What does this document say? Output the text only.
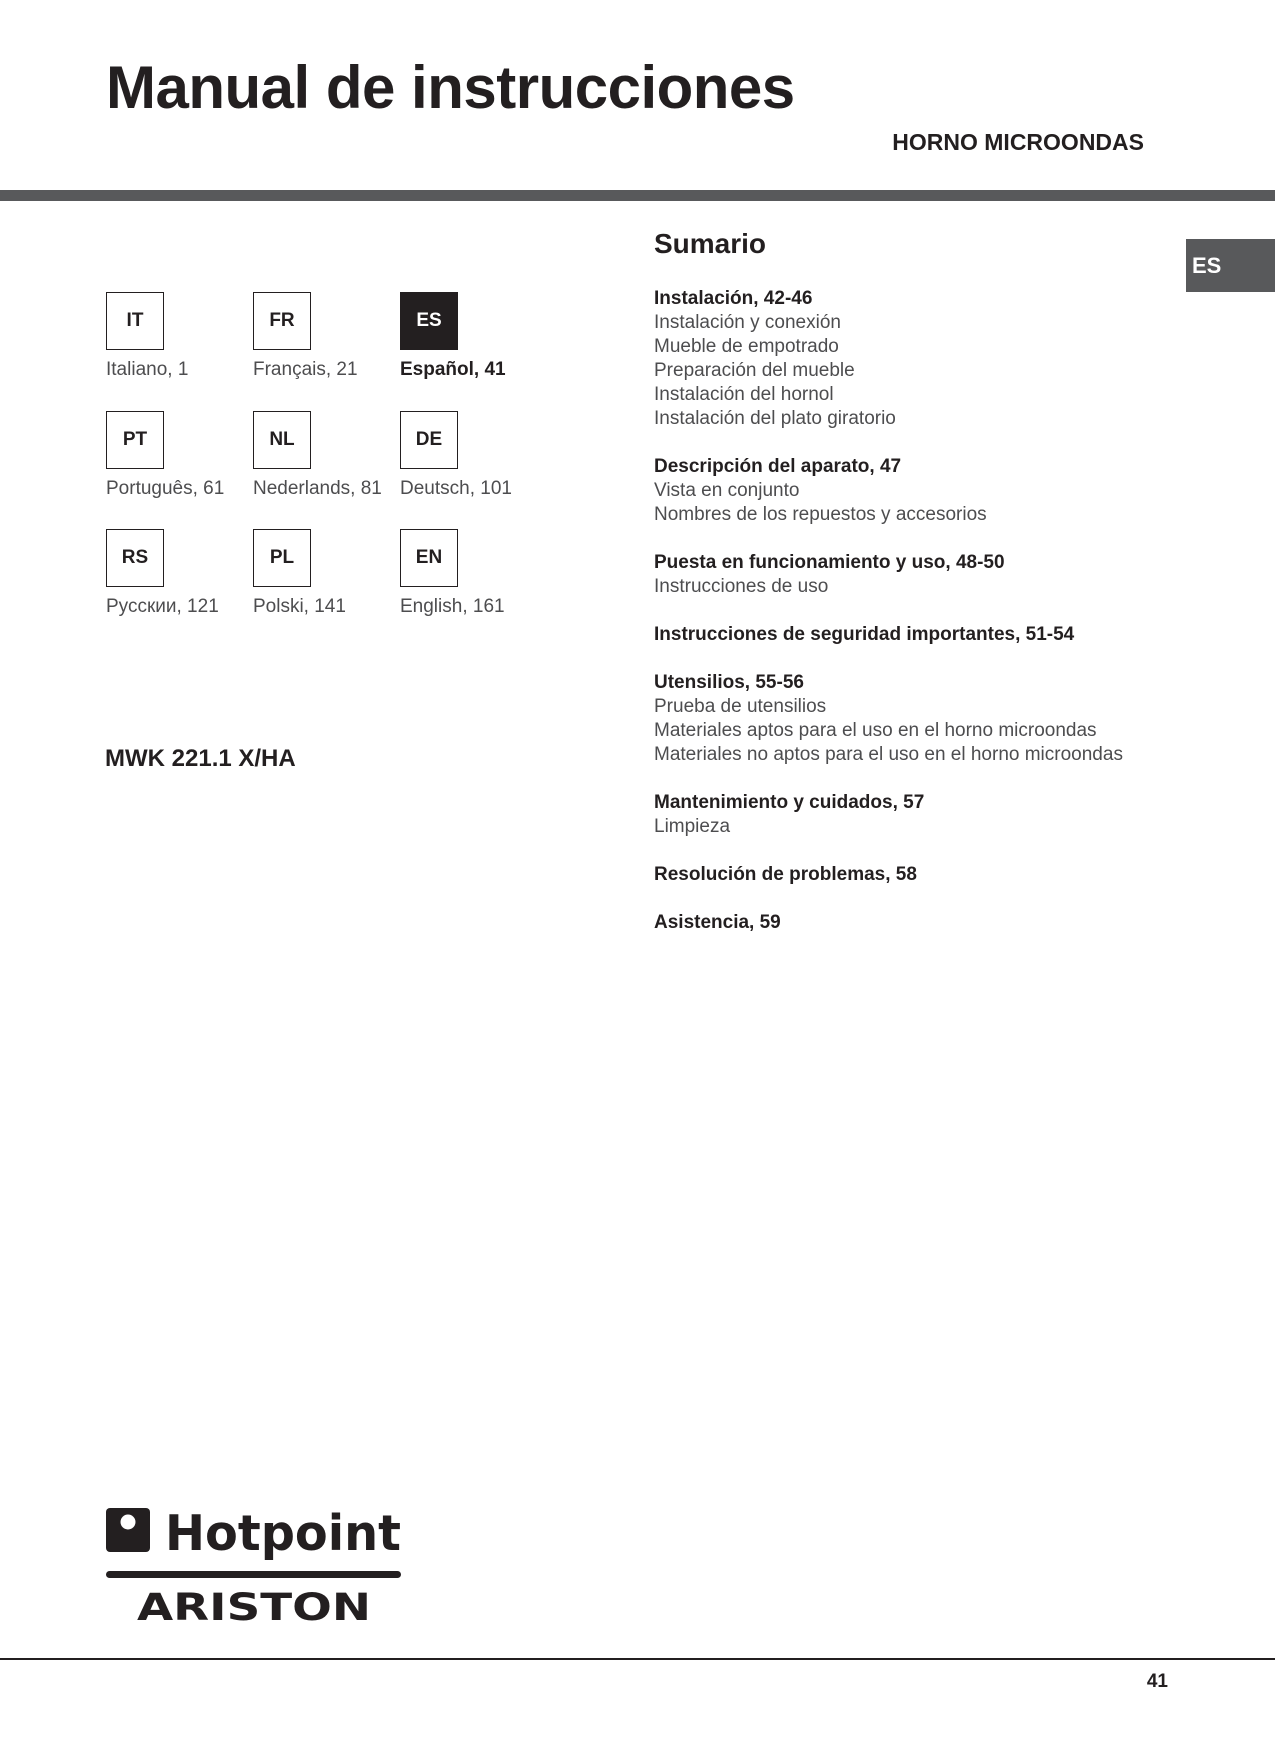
Manual de instrucciones
HORNO MICROONDAS
IT
Italiano, 1
FR
Français, 21
ES
Español, 41
PT
Português, 61
NL
Nederlands, 81
DE
Deutsch, 101
RS
Русскии, 121
PL
Polski, 141
EN
English, 161
MWK 221.1 X/HA
Sumario
Instalación, 42-46
Instalación y conexión
Mueble de empotrado
Preparación del mueble
Instalación del hornol
Instalación del plato giratorio
Descripción del aparato, 47
Vista en conjunto
Nombres de los repuestos y accesorios
Puesta en funcionamiento y uso, 48-50
Instrucciones de uso
Instrucciones de seguridad importantes, 51-54
Utensilios, 55-56
Prueba de utensilios
Materiales aptos para el uso en el horno microondas
Materiales no aptos para el uso en el horno microondas
Mantenimiento y cuidados, 57
Limpieza
Resolución de problemas, 58
Asistencia, 59
ES
Hotpoint
ARISTON
41
